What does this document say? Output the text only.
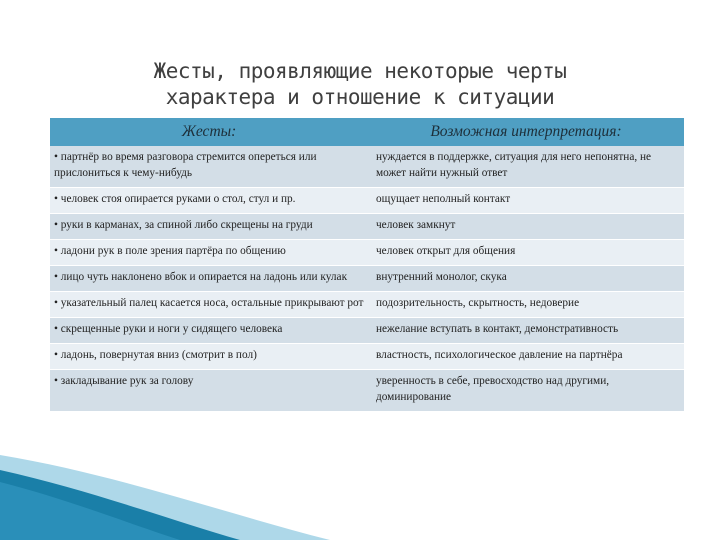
Жесты, проявляющие некоторые черты
характера и отношение к ситуации
Жесты:	Возможная интерпретация:
• партнёр во время разговора стремится опереться или прислониться к чему-нибудь	нуждается в поддержке, ситуация для него непонятна, не может найти нужный ответ
• человек стоя опирается руками о стол, стул и пр.	ощущает неполный контакт
• руки в карманах, за спиной либо скрещены на груди	человек замкнут
• ладони рук в поле зрения партёра по общению	человек открыт для общения
• лицо чуть наклонено вбок и опирается на ладонь или кулак	внутренний монолог, скука
• указательный палец касается носа, остальные прикрывают рот	подозрительность, скрытность, недоверие
• скрещенные руки и ноги у сидящего человека	нежелание вступать в контакт, демонстративность
• ладонь, повернутая вниз (смотрит в пол)	властность, психологическое давление на партнёра
• закладывание рук за голову	уверенность в себе, превосходство над другими, доминирование
